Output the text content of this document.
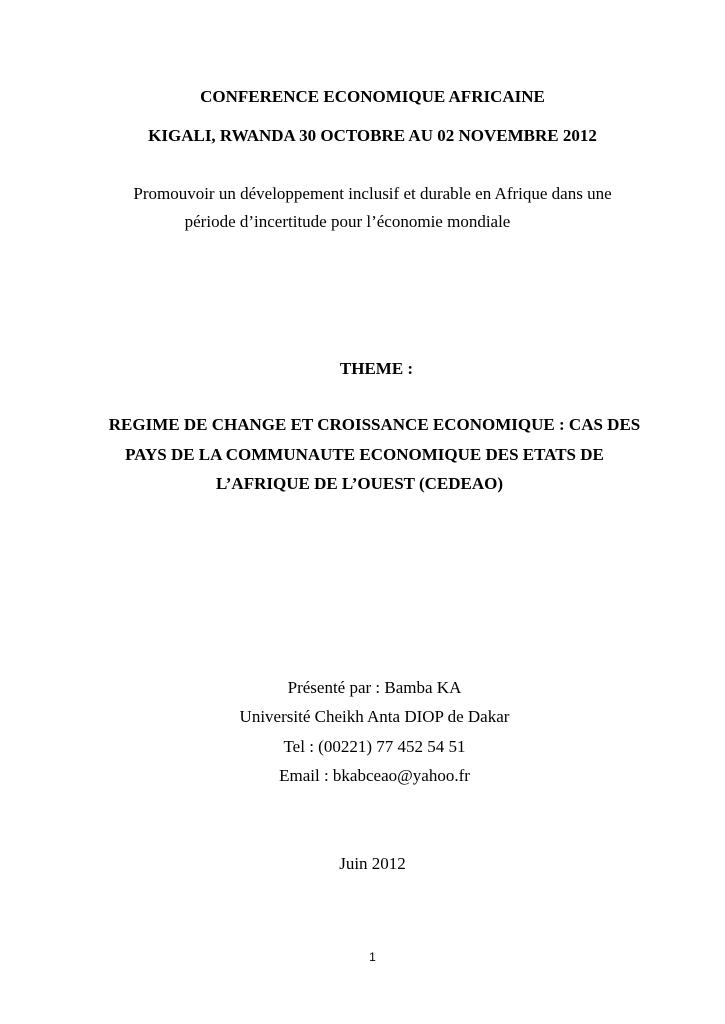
CONFERENCE ECONOMIQUE AFRICAINE
KIGALI, RWANDA 30 OCTOBRE AU 02 NOVEMBRE 2012
Promouvoir un développement inclusif et durable en Afrique dans une
période d’incertitude pour l’économie mondiale
THEME :
REGIME DE CHANGE ET CROISSANCE ECONOMIQUE : CAS DES
PAYS DE LA COMMUNAUTE ECONOMIQUE DES ETATS DE
L’AFRIQUE DE L’OUEST (CEDEAO)
Présenté par : Bamba KA
Université Cheikh Anta DIOP de Dakar
Tel : (00221) 77 452 54 51
Email : bkabceao@yahoo.fr
Juin 2012
1
